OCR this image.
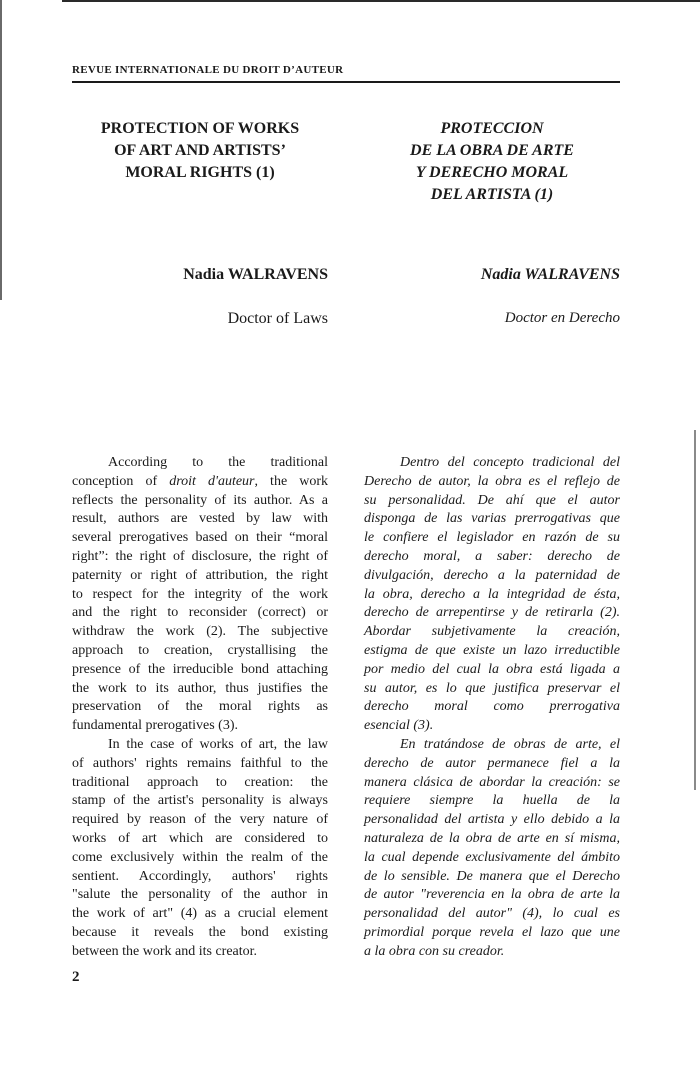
REVUE INTERNATIONALE DU DROIT D’AUTEUR
PROTECTION OF WORKS
OF ART AND ARTISTS’
MORAL RIGHTS (1)
PROTECCION
DE LA OBRA DE ARTE
Y DERECHO MORAL
DEL ARTISTA (1)
Nadia WALRAVENS	Nadia WALRAVENS
Doctor of Laws	Doctor en Derecho
According to the traditional
conception of droit d'auteur, the work
reflects the personality of its author. As a
result, authors are vested by law with
several prerogatives based on their “moral
right”: the right of disclosure, the right of
paternity or right of attribution, the right
to respect for the integrity of the work
and the right to reconsider (correct) or
withdraw the work (2). The subjective
approach to creation, crystallising the
presence of the irreducible bond attaching
the work to its author, thus justifies the
preservation of the moral rights as
fundamental prerogatives (3).
In the case of works of art, the law
of authors' rights remains faithful to the
traditional approach to creation: the
stamp of the artist's personality is always
required by reason of the very nature of
works of art which are considered to
come exclusively within the realm of the
sentient. Accordingly, authors' rights
"salute the personality of the author in
the work of art" (4) as a crucial element
because it reveals the bond existing
between the work and its creator.
Dentro del concepto tradicional del
Derecho de autor, la obra es el reflejo de
su personalidad. De ahí que el autor
disponga de las varias prerrogativas que
le confiere el legislador en razón de su
derecho moral, a saber: derecho de
divulgación, derecho a la paternidad de
la obra, derecho a la integridad de ésta,
derecho de arrepentirse y de retirarla (2).
Abordar subjetivamente la creación,
estigma de que existe un lazo irreductible
por medio del cual la obra está ligada a
su autor, es lo que justifica preservar el
derecho moral como prerrogativa
esencial (3).
En tratándose de obras de arte, el
derecho de autor permanece fiel a la
manera clásica de abordar la creación: se
requiere siempre la huella de la
personalidad del artista y ello debido a la
naturaleza de la obra de arte en sí misma,
la cual depende exclusivamente del ámbito
de lo sensible. De manera que el Derecho
de autor "reverencia en la obra de arte la
personalidad del autor" (4), lo cual es
primordial porque revela el lazo que une
a la obra con su creador.
2
